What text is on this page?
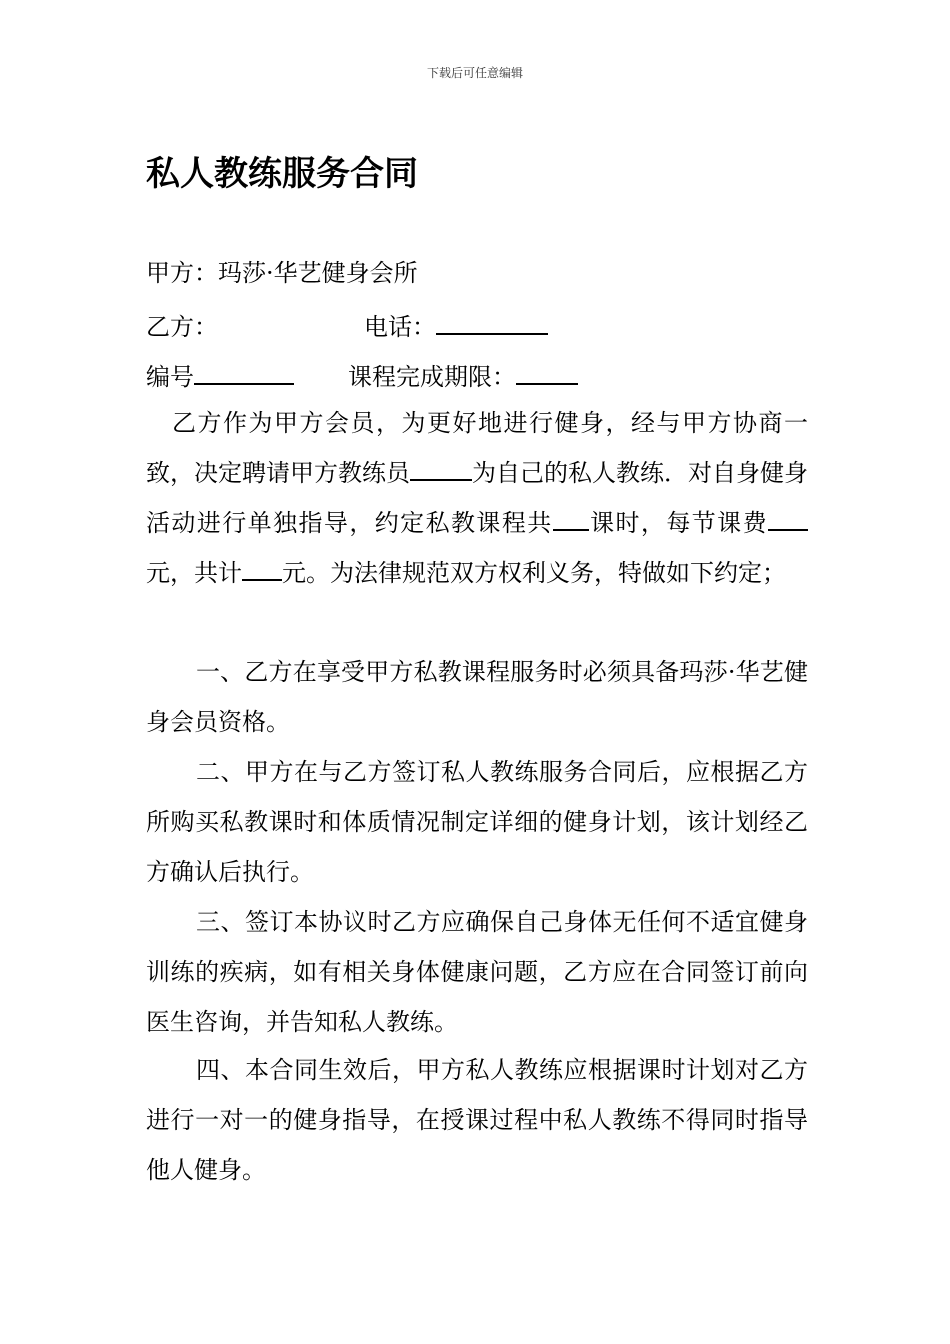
下载后可任意编辑
私人教练服务合同
甲方：玛莎·华艺健身会所
乙方：	电话：
编号	课程完成期限：

乙方作为甲方会员，为更好地进行健身，经与甲方协商一致，决定聘请甲方教练员	为自己的私人教练．对自身健身活动进行单独指导，约定私教课程共 课时，每节课费元，共计 元。为法律规范双方权利义务，特做如下约定；

一、乙方在享受甲方私教课程服务时必须具备玛莎·华艺健身会员资格。

二、甲方在与乙方签订私人教练服务合同后，应根据乙方所购买私教课时和体质情况制定详细的健身计划，该计划经乙方确认后执行。

三、签订本协议时乙方应确保自己身体无任何不适宜健身训练的疾病，如有相关身体健康问题，乙方应在合同签订前向医生咨询，并告知私人教练。

四、本合同生效后，甲方私人教练应根据课时计划对乙方进行一对一的健身指导，在授课过程中私人教练不得同时指导他人健身。
